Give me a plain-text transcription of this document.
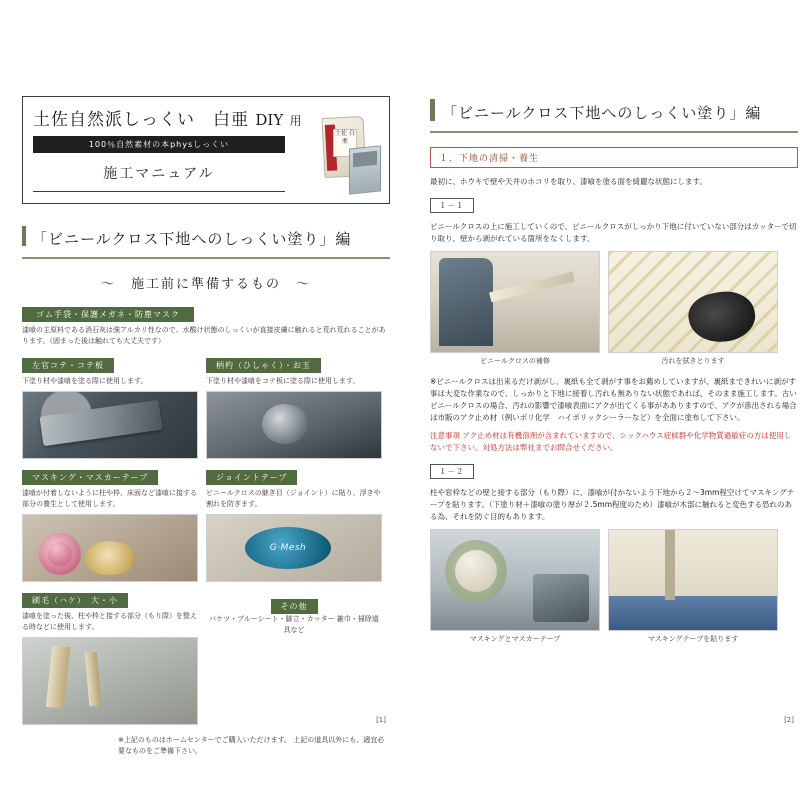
土佐自然派しっくい　白亜 DIY 用
100％自然素材の本physしっくい
施工マニュアル
土佐 白亜
「ビニールクロス下地へのしっくい塗り」編
～　施工前に準備するもの　～
ゴム手袋・保護メガネ・防塵マスク
漆喰の主原料である消石灰は強アルカリ性なので、水酸け状態のしっくいが直接皮膚に触れると荒れ荒れることがあります。（固まった後は触れても大丈夫です）
左官コテ・コテ板
下塗り材や漆喰を塗る際に使用します。
柄杓（ひしゃく）・お玉
下塗り材や漆喰をコテ板に塗る際に使用します。
マスキング・マスカーテープ
漆喰が付着しないように柱や枠、床面など漆喰に接する部分の養生として使用します。
ジョイントテープ
ビニールクロスの継ぎ目（ジョイント）に貼り、浮きや割れを防ぎます。
G·Mesh
刷毛（ハケ）　大・小
漆喰を塗った後、柱や枠と接する部分（もり際）を整える時などに使用します。
その他
バケツ・ブルーシート・脚立・カッター 雑巾・掃除道具など
※上記のものはホームセンターでご購入いただけます。 上記の道具以外にも、適宜必要なものをご準備下さい。
[1]
「ビニールクロス下地へのしっくい塗り」編
１．下地の清掃・養生
最初に、ホウキで壁や天井のホコリを取り、漆喰を塗る面を綺麗な状態にします。
１－１
ビニールクロスの上に施工していくので、ビニールクロスがしっかり下地に付いていない部分はカッターで切り取り、壁から剥がれている箇所をなくします。
ビニールクロスの補修	汚れを拭きとります
※ビニールクロスは出来るだけ剥がし、裏紙も全て剥がす事をお薦めしていますが、裏紙まできれいに剥がす事は大変な作業なので、しっかりと下地に接着し汚れも無ありない状態であれば、そのまま施工します。古いビニールクロスの場合、汚れの影響で漆喰表面にアクが出てくる事があありますので、アクが滲出される場合は市販のアク止め材（例いポリ化学　ハイポリックシーラーなど）を全面に塗布して下さい。
注意事項 アク止め材は有機溶剤が含まれていますので、シックハウス症候群や化学物質過敏症の方は使用しないで下さい。対処方法は弊社までお問合せください。
１－２
柱や窓枠などの壁と接する部分（もり際）に、漆喰が付かないよう下地から２～3mm程空けてマスキングテープを貼ります。（下塗り材＋漆喰の塗り厚が２.5mm程度のため）漆喰が木部に触れると変色する恐れのある為、それを防ぐ目的もあります。
マスキングとマスカーテープ	マスキングテープを貼ります
[2]
